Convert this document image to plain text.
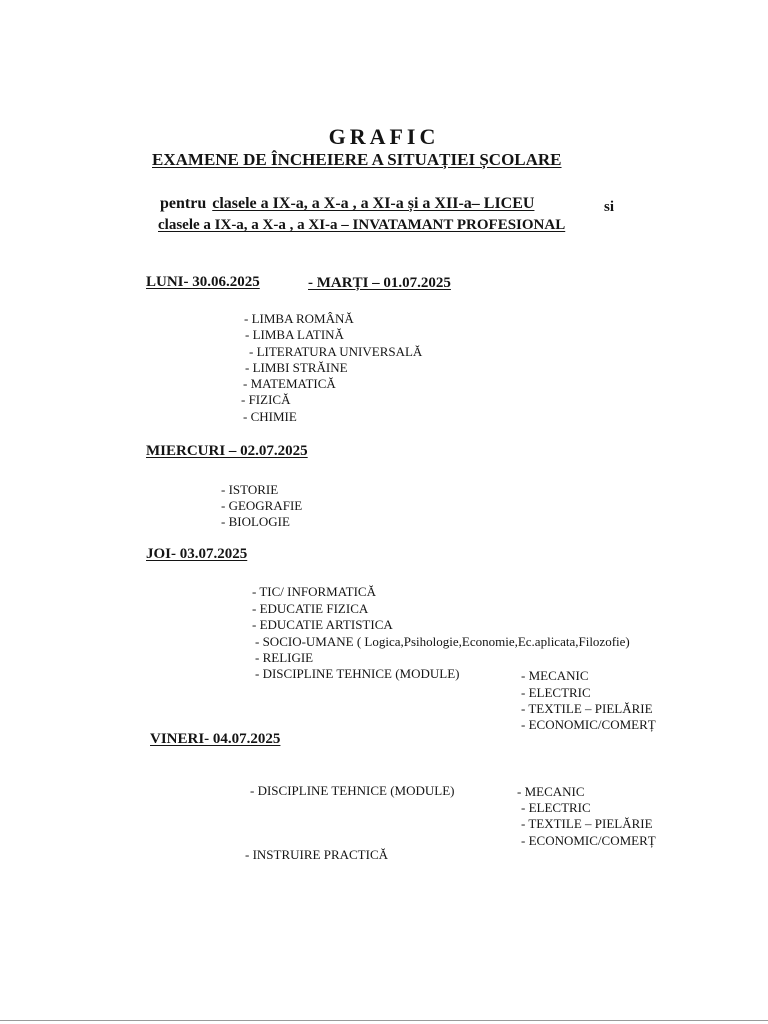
GRAFIC
EXAMENE DE ÎNCHEIERE A SITUAȚIEI ȘCOLARE
pentru clasele a IX-a, a X-a , a XI-a și a XII-a– LICEU	si
clasele a IX-a, a X-a , a XI-a – INVATAMANT PROFESIONAL
LUNI- 30.06.2025	- MARȚI – 01.07.2025
- LIMBA ROMÂNĂ
- LIMBA LATINĂ
- LITERATURA UNIVERSALĂ
- LIMBI STRĂINE
- MATEMATICĂ
- FIZICĂ
- CHIMIE
MIERCURI – 02.07.2025
- ISTORIE
- GEOGRAFIE
- BIOLOGIE
JOI- 03.07.2025
- TIC/ INFORMATICĂ
- EDUCATIE FIZICA
- EDUCATIE ARTISTICA
- SOCIO-UMANE ( Logica,Psihologie,Economie,Ec.aplicata,Filozofie)
- RELIGIE
- DISCIPLINE TEHNICE (MODULE)	- MECANIC
- ELECTRIC
- TEXTILE – PIELĂRIE
- ECONOMIC/COMERȚ
VINERI- 04.07.2025
- DISCIPLINE TEHNICE (MODULE)	- MECANIC
- ELECTRIC
- TEXTILE – PIELĂRIE
- ECONOMIC/COMERȚ
- INSTRUIRE PRACTICĂ
